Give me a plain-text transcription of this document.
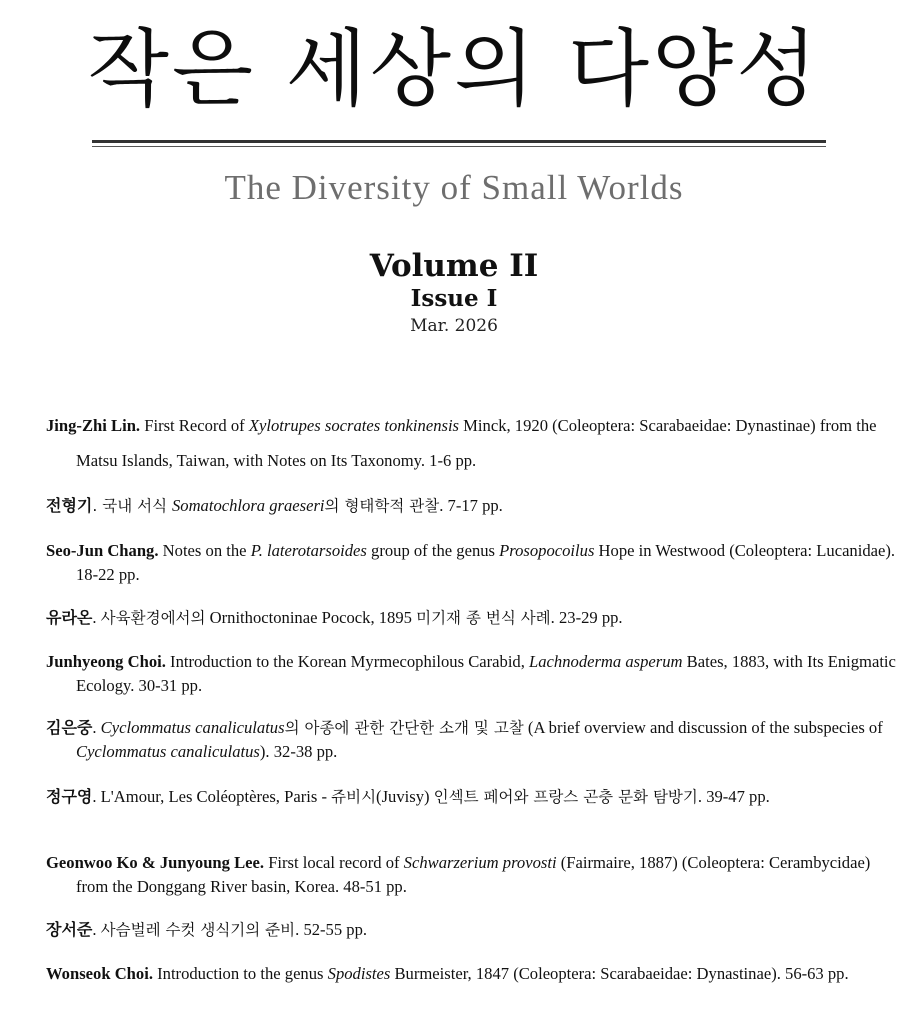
작은 세상의 다양성
The Diversity of Small Worlds
Volume II
Issue I
Mar. 2026
Jing-Zhi Lin. First Record of Xylotrupes socrates tonkinensis Minck, 1920 (Coleoptera: Scarabaeidae: Dynastinae) from the Matsu Islands, Taiwan, with Notes on Its Taxonomy. 1-6 pp.
전형기. 국내 서식 Somatochlora graeseri의 형태학적 관찰. 7-17 pp.
Seo-Jun Chang. Notes on the P. laterotarsoides group of the genus Prosopocoilus Hope in Westwood (Coleoptera: Lucanidae). 18-22 pp.
유라온. 사육환경에서의 Ornithoctoninae Pocock, 1895 미기재 종 번식 사례. 23-29 pp.
Junhyeong Choi. Introduction to the Korean Myrmecophilous Carabid, Lachnoderma asperum Bates, 1883, with Its Enigmatic Ecology. 30-31 pp.
김은중. Cyclommatus canaliculatus의 아종에 관한 간단한 소개 및 고찰 (A brief overview and discussion of the subspecies of Cyclommatus canaliculatus). 32-38 pp.
정구영. L'Amour, Les Coléoptères, Paris - 쥬비시(Juvisy) 인섹트 페어와 프랑스 곤충 문화 탐방기. 39-47 pp.
Geonwoo Ko & Junyoung Lee. First local record of Schwarzerium provosti (Fairmaire, 1887) (Coleoptera: Cerambycidae) from the Donggang River basin, Korea. 48-51 pp.
장서준. 사슴벌레 수컷 생식기의 준비. 52-55 pp.
Wonseok Choi. Introduction to the genus Spodistes Burmeister, 1847 (Coleoptera: Scarabaeidae: Dynastinae). 56-63 pp.
